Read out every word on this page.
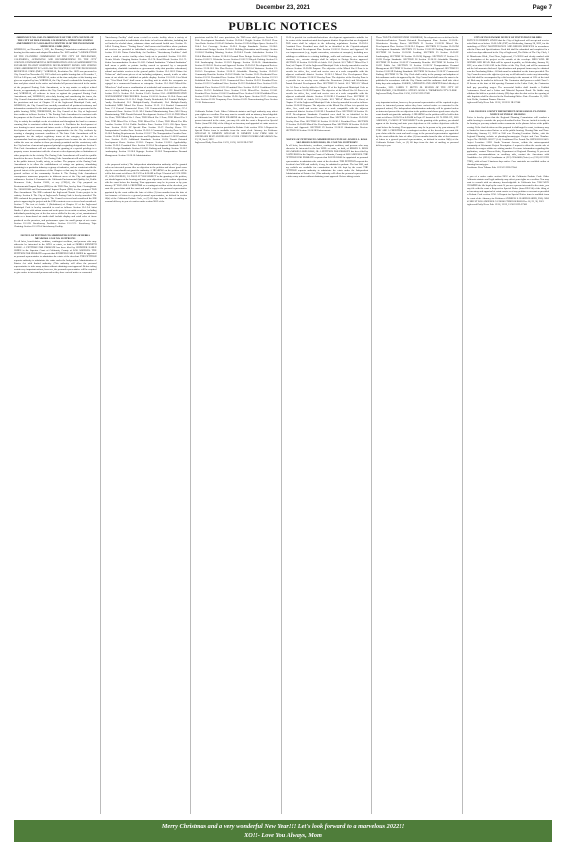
December 23, 2021	Page 7
PUBLIC NOTICES
ORDINANCE NO. 2345 AN ORDINANCE OF THE CITY COUNCIL OF THE CITY OF INGLEWOOD, CALIFORNIA, APPROVING ZONING AMENDMENT ZCA 2021-004 TO CHAPTER 12 OF THE INGLEWOOD MUNICIPAL CODE (IMC).
WHEREAS, on November 3, 2021, the Planning Commission conducted a public hearing for this matter and adopted Resolution No. 1829 entitled "A RESOLUTION OF THE PLANNING COMMISSION OF THE CITY OF INGLEWOOD, CALIFORNIA, APPROVING AND RECOMMENDING TO THE CITY COUNCIL ENVIRONMENTAL DETERMINATION AND AN AMENDMENT TO ESTABLISH TRANSIT ORIENTED DEVELOPMENT ZONES AND ZONING CODE AMENDMENT ZCA-2021-004 TO CHAPTER 12 OF THE INGLEWOOD MUNICIPAL CODE (IMC)." WHEREAS, Resolution No. 1829 was presented to City Council on November 16, 2021 which set a public hearing date of December 7, 2021 at 2:00 p.m.; and, WHEREAS, notice of the time and place of the hearing was given as required by law; WHEREAS, the City Council evaluated the hearing at the time and place stated in the notice and afforded all persons interested in the matter of the proposed Zoning Code Amendment, or in any matter or subject related thereto, an opportunity to address the City Council and to submit written evidence; and, WHEREAS, all evidence in favor or against the proposed Zoning Code Amendment; and, WHEREAS, after duly hearing and considering the issues, the City Council determined that certain changes, specified herein, should be made to the provisions and text of Chapter 12 of the Inglewood Municipal Code; and, WHEREAS, the City Council has carefully considered all pertinent testimony and information contained in the staff report prepared for this matter as presented at the public hearing. NOW, THEREFORE, the City Council of the City of Inglewood does ordain as follows: Section 1. The Zoning Code Amendment is consistent with the purposes of the General Plan in that it: a. Facilitates the allocation of land in the City to satisfy the multiple needs of residents and throughout the land in a manner ensuring that is consistent within their context. b. Facilitates the development of new housing to meet current and future needs. c. Helps provide needed economic development and necessary employment opportunities for the City residents by creating a changing economic condition. d. The Inter Code Amendment will be appropriate for the subject regulatory terms of the category of the site to accommodate land uses permitted by the proposed zone because the site is located within the zone are similar to those previously permitted and the consistency with the City land use element and approved principles regarding designations. Section 2. This Code Amendment will not constitute the granting of a special privilege to a property owner inconsistent with the element or development plan or limitations of other properties in the vicinity. The Zoning Code Amendment will result in a public benefit for the area. Section 3. The Zoning Code Amendment will not be detrimental to the public interest, health, safety, or welfare. The purpose of the Zoning Code Amendment is to allow the establishment of cottage use patterns, stimulating pertaining to a particular industry or group of industries, and are consistent with the general intent of the provisions of this Chapter or that may be detrimental to the general welfare of the community. Section 4. The Zoning Code Amendment encompasses numerous properties in different areas of the City and applicable ordinances. Section 5. Pursuant to the California Environmental Quality Act, Public Resources Code, Section 21000, et seq. (CEQA), the City prepared an Environmental Impact Report (EIR) for the TOD Plan, hereby State Clearinghouse No. 2016021008 and Environmental Impact Report (EIR) for the proposed TOD Plan Amendment. The EIR evaluated the Inglewood Transit Center project in its entirety. Section 6. The City of Inglewood's Zoning Code is hereby amended. The EIR evaluated the proposed project. The Council reviewed and considered the EIR prior to approving the project and the EIR's contents were reviewed and considered. Section 7. The text of Article 1 (Definitions) of Chapter 12 of the Inglewood Municipal Code is hereby amended to read as follows: Section 12-1.2.4 Artist Studio. A place with artisan rooms and work space for an artist or artisan, including individuals practicing one of the fine arts or skilled in the arts, of art, manufactured crafts or a home-based art studio shall include display and retail sales of items produced on the premises, and performance space for small groups of art events. Section 12-1.28. Stretchaway Facilities. Section 12-1.57.1. Stretchway Trip-Chaining. Section 12-1.29.4. Stretchaway Facility.
NOTICE OF PETITION TO ADMINISTER ESTATE OF DEBRA MEADOWS CASE NO. 21STPB11733
To all heirs, beneficiaries, creditors, contingent creditors, and persons who may otherwise be interested in the WILL or estate, or both of DEBRA KENNETH EARLE. A PETITION FOR PROBATE has been filed by JENNIFER EARLE JONES in the Superior Court of California, County of LOS ANGELES. THE PETITION FOR PROBATE requests that JENNIFER EARLE JONES be appointed as personal representative to administer the estate of the decedent. THE PETITION requests authority to administer the estate under the Independent Administration of Estates Act with limited authority. (This authority will allow the personal representative to take many actions without obtaining court approval. Before taking certain very important actions, however, the personal representative will be required to give notice to interested persons unless they have waived notice or consented
"Stretchaway Facility" shall mean a retail or service facility where a variety of services are provided to individuals who desire to heal from addiction, including but not limited to alcohol abuse, substance abuse and mental health care. Section 12-1.49.4. Testing Stores. "Testing Stores" shall mean retail facilities where products and services are provided to individuals seeking to confirm medical conditions. Section 12-1.60. Tattoo Parlor/Body Art Facilities. "Stretchaway Facilities" shall mean a retail or service facility where body art is provided. Section 12-1.69.1. Electric Vehicle Charging Station. Section 12-1.70. Retail Kiosk. Section 12-1.71. Visitor Accommodation. Section 12-1.82. Cultural Institution. "Cultural Institution" shall mean a public or private facility owned or operated by a non-profit organization, charitable institution or government entity that provides educational, cultural and artistic services to the general public. Section 12-1.102.3 Urban Art. "Urban art" shall mean pieces of art including sculptures, murals, textile or other forms of art which are exhibited on public display. Section 12-1.103. Live/Work Unit. "Live/Work Unit" shall mean a dwelling unit in which the occupants are engaged in a commercial business or enterprise. Section 12-1.104.3 Mixed-Use. "Mixed-use" shall mean a combination of residential and commercial uses or other uses in a single building or on the same property. Section 12-1.122. Retail Kiosk. Section 12-2.A. Section 12-3. Section 12-4.5. Section 12-6. ADMINISTRATIVE DEVELOPMENT PROCEDURES. Section 12-10.3A Section 12-10.4. Zones and Boundaries. Section 12-11. R-1 Single Family Residential; R-2 Limited Multiple-Family Residential; R-3 Multiple-Family Residential; R-4 Multiple-Family Residential; MXD Mixed Use Zones. Section 12-12. C-1 Limited Commercial Zone; C-2 General Commercial Zone; C-R Commercial-Residential Zone; CC-1 Commercial Zone. Section 12-13. M-1 Limited Manufacturing Zone; M-2 Heavy Manufacturing; TOD Transit Oriented Development. Section 12-13.1A TOD Mixed Use Zone; TOD Mixed Use 1 Zone; TOD Mixed Use 2 Zone; TOD Mixed Use 3 Zone; TOD Mixed Use 4 Zone; TOD Mixed Use 5 Zone; TOD Mixed Use Mix Corridor. Section 12-14. Public Facilities Zone. Section 12-15. OS Open Space Zone. Section 12-16. SP Special Plan. Section 12-17. Overlay Zones. TC. Transportation Corridor Zone. Section 12-18.5.1 Community Overlay Zone. Section 12-18.6 Parking Requirements. Section 12-18.7. The Transportation Corridor Zone. Section 12-18.8. Parking Requirements and Regulations. Section 12-18.9 Permitted Uses. Section 12-19. Additional Standards. Section 12-20. Transit Oriented Development Zones. Section 12-20.1. Purpose. Section 12-20.2. Applicability. Section 12-20.3. Permitted Uses. Section 12-20.4. Development Standards. Section 12-20.5. Design Standards. Section 12-20.6. Parking and Loading. Section 12-20.7 Landscaping. Section 12-20.8 Signage. Section 12-20.9 Transportation Demand Management. Section 12-20.10 Administration.
to the proposed action.) The independent administration authority will be granted unless an interested person files an objection to the petition and shows good cause why the court should not grant the authority. A HEARING on the petition will be held in this court as follows: 01/13/22 at 8:30AM in Dept. 9 located at 111 N. HILL ST., LOS ANGELES, CA 90012. IF YOU OBJECT to the granting of the petition, you should appear at the hearing and state your objections or file written objections with the court before the hearing. Your appearance may be in person or by your attorney. IF YOU ARE A CREDITOR or a contingent creditor of the decedent, you must file your claim with the court and mail a copy to the personal representative appointed by the court within the later of either (1) four months from the date of first issuance of letters to a general personal representative, as defined in section 58(b) of the California Probate Code, or (2) 60 days from the date of mailing or personal delivery to you of a notice under section 9052 of the
provisions and the R-1 zone provisions, the TOD zone shall govern. Section 12-20.4. Development Standards. Section 12-20.4.1 Height. Section 12-20.4.2 Floor Area Ratio. Section 12-20.4.3 Setbacks. Section 12-20.4.4 Open Space. Section 12-20.4.5 Lot Coverage. Section 12-20.5 Design Standards. Section 12-20.6. Architectural Design. Section 12-20.6.1 Building Orientation and Frontage. Section 12-20.6.2 Building Massing. Section 12-20.6.3 Facade Articulation. Section 12-20.6.4 Materials. Section 12-20.6.5 Ground Floor Design. Section 12-20.7 Parking. Section 12-20.7.1 Vehicular Access. Section 12-20.7.2 Bicycle Parking. Section 12-20.8 Landscaping. Section 12-20.9 Signage. Section 12-20.10. Administration. Section 12-20.10.1 Review and Approval. Section 12-20.10.2 Development Review. Section 12-20.10.3 Site Plan Review. Section 12-20.10.4 Variances. Section 12-20.10.5 Exceptions. Section 12-20.11 Affordable Housing. Section 12-20.12 Community Benefits. Section 12-20.13 Public Art. Section 12-21. Residential Uses. Section 12-21.1 Permitted Uses. Section 12-21.2 Conditional Uses. Section 12-21.3 Prohibited Uses. Section 12-22. Commercial Uses. Section 12-22.1 Permitted Uses. Section 12-22.2 Conditional Uses. Section 12-22.3 Prohibited Uses. Section 12-23. Industrial Uses. Section 12-23.1 Permitted Uses. Section 12-23.2 Conditional Uses. Section 12-23.3 Prohibited Uses. Section 12-24. Mixed-Use. Section 12-24.1 Permitted Uses. Section 12-24.2 Conditional Uses. Section 12-24.3 Prohibited Uses. Section 12-25. Public Uses. Section 12-26. Open Space. Section 12-27. Accessory Uses. Section 12-28. Temporary Uses. Section 12-29. Nonconforming Uses. Section 12-30. Enforcement.
California Probate Code. Other California statutes and legal authority may affect your rights as a creditor. You may want to consult with an attorney knowledgeable in California law. YOU MAY EXAMINE the file kept by the court. If you are a person interested in the estate, you may file with the court a Request for Special Notice (form DE-154) of the filing of an inventory and appraisal of estate assets or of any petition or account as provided in Probate Code section 1250. A Request for Special Notice form is available from the court clerk. Attorney for Petitioner WILLIAM H. REMERY WILLIAM H. REMERY LAW FIRM 1666 W GLENOAKS BLVD GLENDALE CA 91201 CN983572 DEBRA MEADOWS Dec 23, 30, Jan 6, 2022
Inglewood Daily News Pub. 12/23, 12/30, 1/6/22 HI-27397
12-20 to provide for residential/mixed-use development opportunities suitable for the center of the transit-oriented development district. Properties that are designated TOD zones shall be subject to the following regulations. Section 12-20.3A Permitted Uses. Permitted uses shall be as identified in the Citywide-adopted Transit Oriented Development Plan. Section 12-20.3.1 Review and Approval. All new improvements (e.g., façade renovation, extension of canopies), including new buildings or additions to existing buildings, walls and enclosures, new doors and windows, etc., exterior changes shall be subject to Design Review approval. SECTION 10 Section 12-20.3B of Article 10.3 (Article 10.3 "MU-3" Mixed Use 3 Zone) of Chapter 12 of the Inglewood Municipal Code is hereby amended to read as follows: Section 12-20.3B Purpose. The objective of the Mixed Use-3 Zone is to provide for office, live, retail and service uses at a scale compatible with the adjacent residential district. Section 12-20.3.1 Mixed Use Development Plan. SECTION 11 Section 12-20.3C Overlay Zone. The objective of the Overlay Zone is to provide for an overlay zone within the Downtown (Arbor) and Westchester Transit Oriented Development Plan. SECTION 12 Article 10.3 "MU-3A" Mixed Use 3A Zone is hereby added to Chapter 12 of the Inglewood Municipal Code as follows: Section 12-20.3D Purpose. The objective of the Mixed Use-3A Zone is to provide for office, live, retail and service uses at a scale compatible with the adjacent residential district. Section 12-20.3D.1 Permitted Uses. SECTION 13 Section 12-20.3E of Article 10.3 (Article 10.3 "MU-4" Mixed Use 4 Zone) of Chapter 12 of the Inglewood Municipal Code is hereby amended to read as follows: Section 12-20.3E Purpose. The objective of the Mixed Use 4 Zone is to provide for office, live, retail and service uses at a scale compatible with the adjacent commercial district. Section 12-20.3E.1 Permitted Uses. SECTION 14 Section 12-20.3F Development Standards. Permitted uses shall be as identified in the Westchester Transit Oriented Development Plan. SECTION 15 Section 12-20.3G Overlay Zone Plan. SECTION 16 Section 12-20.3G.1 Permitted Uses. SECTION 17 Section 12-20.3H Mixed Use Development Plan. SECTION 18 Section 12-20.3I Review and Approval. SECTION 19 Section 12-20.3J Administrative Review. SECTION 20 Section 12-20.3K Enforcement.
NOTICE OF PETITION TO ADMINISTER ESTATE OF: DANIEL L. ROSS AKA MOSES LOUIS ROSS, JR. CASE NO. 21STPB11672
To all heirs, beneficiaries, creditors, contingent creditors, and persons who may otherwise be interested in the last WILL or estate, or both, of MOSES L. ROSS AKA MOSES LOUIS ROSS, JR. A PETITION FOR PROBATE has been filed by DAVID ROSS in the Superior Court of California, County of LOS ANGELES. THE PETITION FOR PROBATE requests that DAVID ROSS be appointed as personal representative to administer the estate of the decedent. THE PETITION requests the decedent's last Will and codicils, if any, be admitted to probate. The last Will, and any codicils are available for examination in the file kept by the court. THE PETITION requests authority to administer the estate under the Independent Administration of Estates Act. (This authority will allow the personal representative to take many actions without obtaining court approval. Before taking certain
Those TOD TRANSPORTATION CORRIDOR, Development uses as defined in the Westchester/Fairview Transit Oriented Development Plan. Section 12-20.3L. Westchester Overlay Zones. SECTION 21 Section 12-20.3L Mixed Use Development Plan. Section 12-20.3L.1 Purpose. SECTION 22 Section 12-20.3M Development Standards. SECTION 23 Section 12-20.3N Parking Requirements. SECTION 24 Section 12-20.3O Loading. SECTION 25 Section 12-20.3P Landscaping. SECTION 26 Section 12-20.3Q Signage. SECTION 27 Section 12-20.3R Design Standards. SECTION 28 Section 12-20.3S Affordable Housing. SECTION 29 Section 12-20.3T Community Benefits. SECTION 30 Section 12-20.3U Public Art. SECTION 31 Section 12-20.3V Transportation Demand Management. SECTION 32 Section 12-20.3W Review and Approval. SECTION 33 Section 12-20.3X Parking Standards. SECTION 34 Section 12-20.3Y Commercial Parking. SECTION 35 The City Clerk shall certify to the passage and adoption of this ordinance and to its approval by the City Council and shall cause the same to be published in accordance with the City Charter and this ordinance shall take effect thirty days after adoption. PASSED, APPROVED AND ADOPTED this 14th day of December, 2021. JAMES T. BUTTS JR. MAYOR OF THE CITY OF INGLEWOOD, CALIFORNIA. ATTEST: AISHA L. THOMPSON CITY CLERK
Inglewood Daily News Pub. 12/16, 12/23/21 HI-27369
very important actions, however, the personal representative will be required to give notice to interested persons unless they have waived notice or consented to the proposed action.) The independent administration authority will be granted unless an interested person files an objection to the petition and shows good cause why the court should not grant the authority. A HEARING on the petition will be held in this court as follows: 01/05/22 at 8:30AM in Dept. 67 located at 111 N. HILL ST., LOS ANGELES, CA 90012. IF YOU OBJECT to the granting of the petition, you should appear at the hearing and state your objections or file written objections with the court before the hearing. Your appearance may be in person or by your attorney. IF YOU ARE A CREDITOR or a contingent creditor of the decedent, you must file your claim with the court and mail a copy to the personal representative appointed by the court within the later of either (1) four months from the date of first issuance of letters to a general personal representative, as defined in section 58(b) of the California Probate Code, or (2) 60 days from the date of mailing or personal delivery to you
CITY OF INGLEWOOD NOTICE OF INVITATION FOR BIDS
NOTICE IS HEREBY GIVEN that the City of Inglewood will accept and receive sealed bids on or before 11:00 A.M. (PST) on Wednesday, January 26, 2022, for the furnishing of HVAC MAINTENANCE AND REPAIR SERVICES in accordance with the Plans and Specifications. Each bid shall be submitted and completed in a sealed envelope addressed to the City of Inglewood, The Office of The City Clerk, 1 W. Manchester Blvd., First Floor, Inglewood, CA 90301 and clearly marked with the description of the project on the outside of the envelope. BIDS WILL BE OPENED AND READ. Bids will be opened in public, on Wednesday, January 26, 2022, at or after 11:00 A.M. in the Office of the City Clerk, and will be announced and the bid amounts disclosed. Specifications and proposal forms may be obtained from the Purchasing Office. All bids must be submitted on the forms provided. The City Council reserves the right to reject any or all bids and to waive any informality. Each bid shall be accompanied by a bid security in the amount of 10% of the total bid. Bids may be mailed or delivered. The Contractor shall possess a valid Class C-20 license at the time of bid opening. Pursuant to the Labor Code, the Contractor shall pay prevailing wages. The successful bidder shall furnish a Faithful Performance Bond and a Labor and Material Payment Bond. No bidder may withdraw his bid for a period of ninety (90) days after the date set for the opening of bids. Inquiries shall be directed to the Purchasing Office. Date: December 15, 2021. Artie Fields, Assistant Finance Director
Inglewood Daily News Pub. 12/16, 12/23/21 HI-27368
LOS ANGELES COUNTY DEPARTMENT OF REGIONAL PLANNING NOTICE OF PUBLIC HEARING
Notice is hereby given that the Regional Planning Commission will conduct a public hearing to consider the project described below. You are invited to testify at the hearing or you may submit written comments to the planner below at the public hearing. If the final decision on this proposal is challenged in court, testimony may be limited to issues raised before or at the public hearing. Hearing Date and Time: Wednesday, January 12, 2022 at 9:00 a.m. Hearing Location: Online, visit the Regional Planning website at planning.lacounty.gov. Project and Case Number: Project No. PRJ2021-003177 (1-4) Conditional Use Permit No. RPPL2021011413. Project Location: 11911 South Vermont Avenue, within the unincorporated community of Westmont. Project Description: A request to allow the on-site sale of alcoholic beverages within an existing market. For more information regarding this application, contact Theresa Ortiz, Department of Regional Planning. If you need reasonable accommodations or auxiliary aids, contact the Americans with Disabilities Act (ADA) Coordinator at (213) 974-6488 (Voice) or (213) 617-2292 (TDD), with at least 3 business days notice. Case materials are available online at planning.lacounty.gov.
Hawthorne Press Tribune Pub. 12/23/21 HH-27344
to you of a notice under section 9052 of the California Probate Code. Other California statutes and legal authority may affect your rights as a creditor. You may want to consult with an attorney knowledgeable in California law. YOU MAY EXAMINE the file kept by the court. If you are a person interested in the estate, you may file with the court a Request for Special Notice (form DE-154) of the filing of an inventory and appraisal of estate assets or of any petition or account as provided in Probate Code section 1250. A Request for Special Notice form is available from the court clerk. Attorney for Petitioner ANDREW S. BAKER BAKER, ESQ. 5850 W 3RD ST LOS ANGELES CA 90036 CN983520 ROSS Dec 16, 23, 30, 2021
Inglewood Daily News Pub. 12/16, 12/23, 12/30/21 HI-27360
Merry Christmas and a very wonderful New Year!!! Let's look forward to a marvelous 2022!!
XO!!- Love You Always, Mom
